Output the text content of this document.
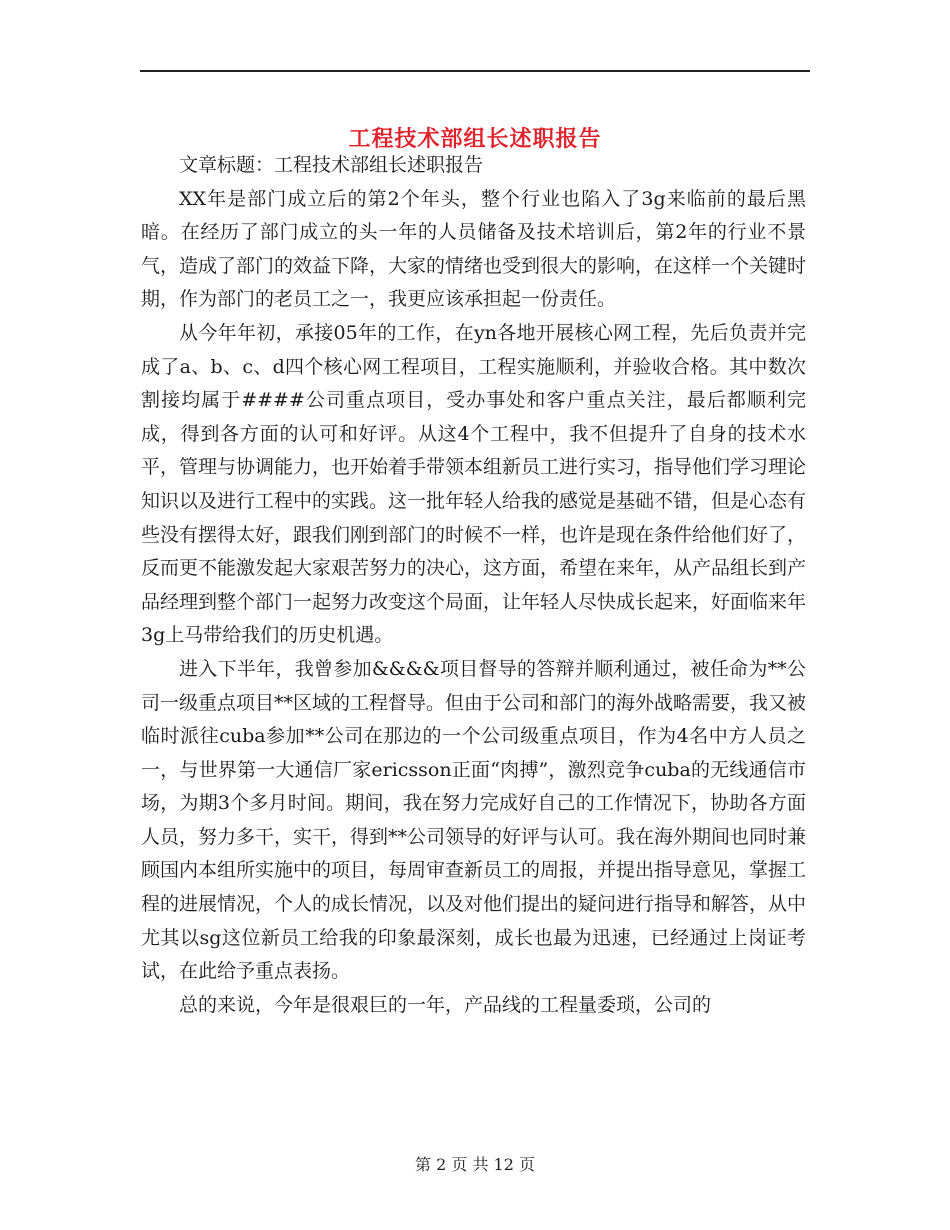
工程技术部组长述职报告

文章标题：工程技术部组长述职报告

XX年是部门成立后的第2个年头，整个行业也陷入了3g来临前的最后黑暗。在经历了部门成立的头一年的人员储备及技术培训后，第2年的行业不景气，造成了部门的效益下降，大家的情绪也受到很大的影响，在这样一个关键时期，作为部门的老员工之一，我更应该承担起一份责任。

从今年年初，承接05年的工作，在yn各地开展核心网工程，先后负责并完成了a、b、c、d四个核心网工程项目，工程实施顺利，并验收合格。其中数次割接均属于####公司重点项目，受办事处和客户重点关注，最后都顺利完成，得到各方面的认可和好评。从这4个工程中，我不但提升了自身的技术水平，管理与协调能力，也开始着手带领本组新员工进行实习，指导他们学习理论知识以及进行工程中的实践。这一批年轻人给我的感觉是基础不错，但是心态有些没有摆得太好，跟我们刚到部门的时候不一样，也许是现在条件给他们好了，反而更不能激发起大家艰苦努力的决心，这方面，希望在来年，从产品组长到产品经理到整个部门一起努力改变这个局面，让年轻人尽快成长起来，好面临来年3g上马带给我们的历史机遇。

进入下半年，我曾参加&&&&项目督导的答辩并顺利通过，被任命为**公司一级重点项目**区域的工程督导。但由于公司和部门的海外战略需要，我又被临时派往cuba参加**公司在那边的一个公司级重点项目，作为4名中方人员之一，与世界第一大通信厂家ericsson正面“肉搏”，激烈竞争cuba的无线通信市场，为期3个多月时间。期间，我在努力完成好自己的工作情况下，协助各方面人员，努力多干，实干，得到**公司领导的好评与认可。我在海外期间也同时兼顾国内本组所实施中的项目，每周审查新员工的周报，并提出指导意见，掌握工程的进展情况，个人的成长情况，以及对他们提出的疑问进行指导和解答，从中尤其以sg这位新员工给我的印象最深刻，成长也最为迅速，已经通过上岗证考试，在此给予重点表扬。

总的来说，今年是很艰巨的一年，产品线的工程量委琐，公司的

第 2 页 共 12 页
